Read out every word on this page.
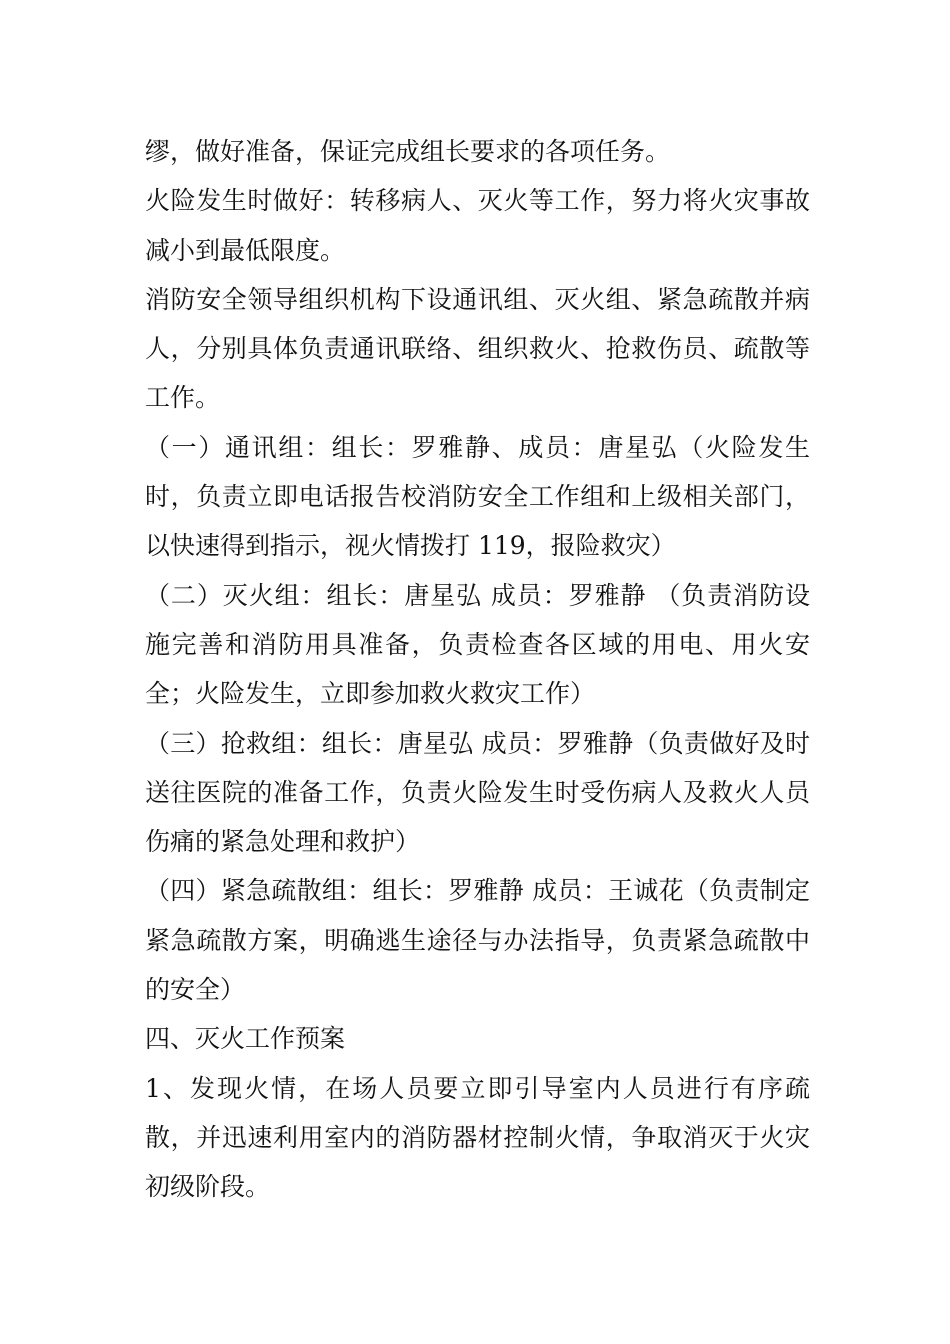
缪，做好准备，保证完成组长要求的各项任务。

火险发生时做好：转移病人、灭火等工作，努力将火灾事故减小到最低限度。

消防安全领导组织机构下设通讯组、灭火组、紧急疏散并病人，分别具体负责通讯联络、组织救火、抢救伤员、疏散等工作。

（一）通讯组：组长：罗雅静、成员：唐星弘（火险发生时，负责立即电话报告校消防安全工作组和上级相关部门，以快速得到指示，视火情拨打 119，报险救灾）

（二）灭火组：组长：唐星弘 成员：罗雅静 （负责消防设施完善和消防用具准备，负责检查各区域的用电、用火安全；火险发生，立即参加救火救灾工作）

（三）抢救组：组长：唐星弘 成员：罗雅静（负责做好及时送往医院的准备工作，负责火险发生时受伤病人及救火人员伤痛的紧急处理和救护）

（四）紧急疏散组：组长：罗雅静 成员：王诚花（负责制定紧急疏散方案，明确逃生途径与办法指导，负责紧急疏散中的安全）

四、灭火工作预案

1、发现火情，在场人员要立即引导室内人员进行有序疏散，并迅速利用室内的消防器材控制火情，争取消灭于火灾初级阶段。
